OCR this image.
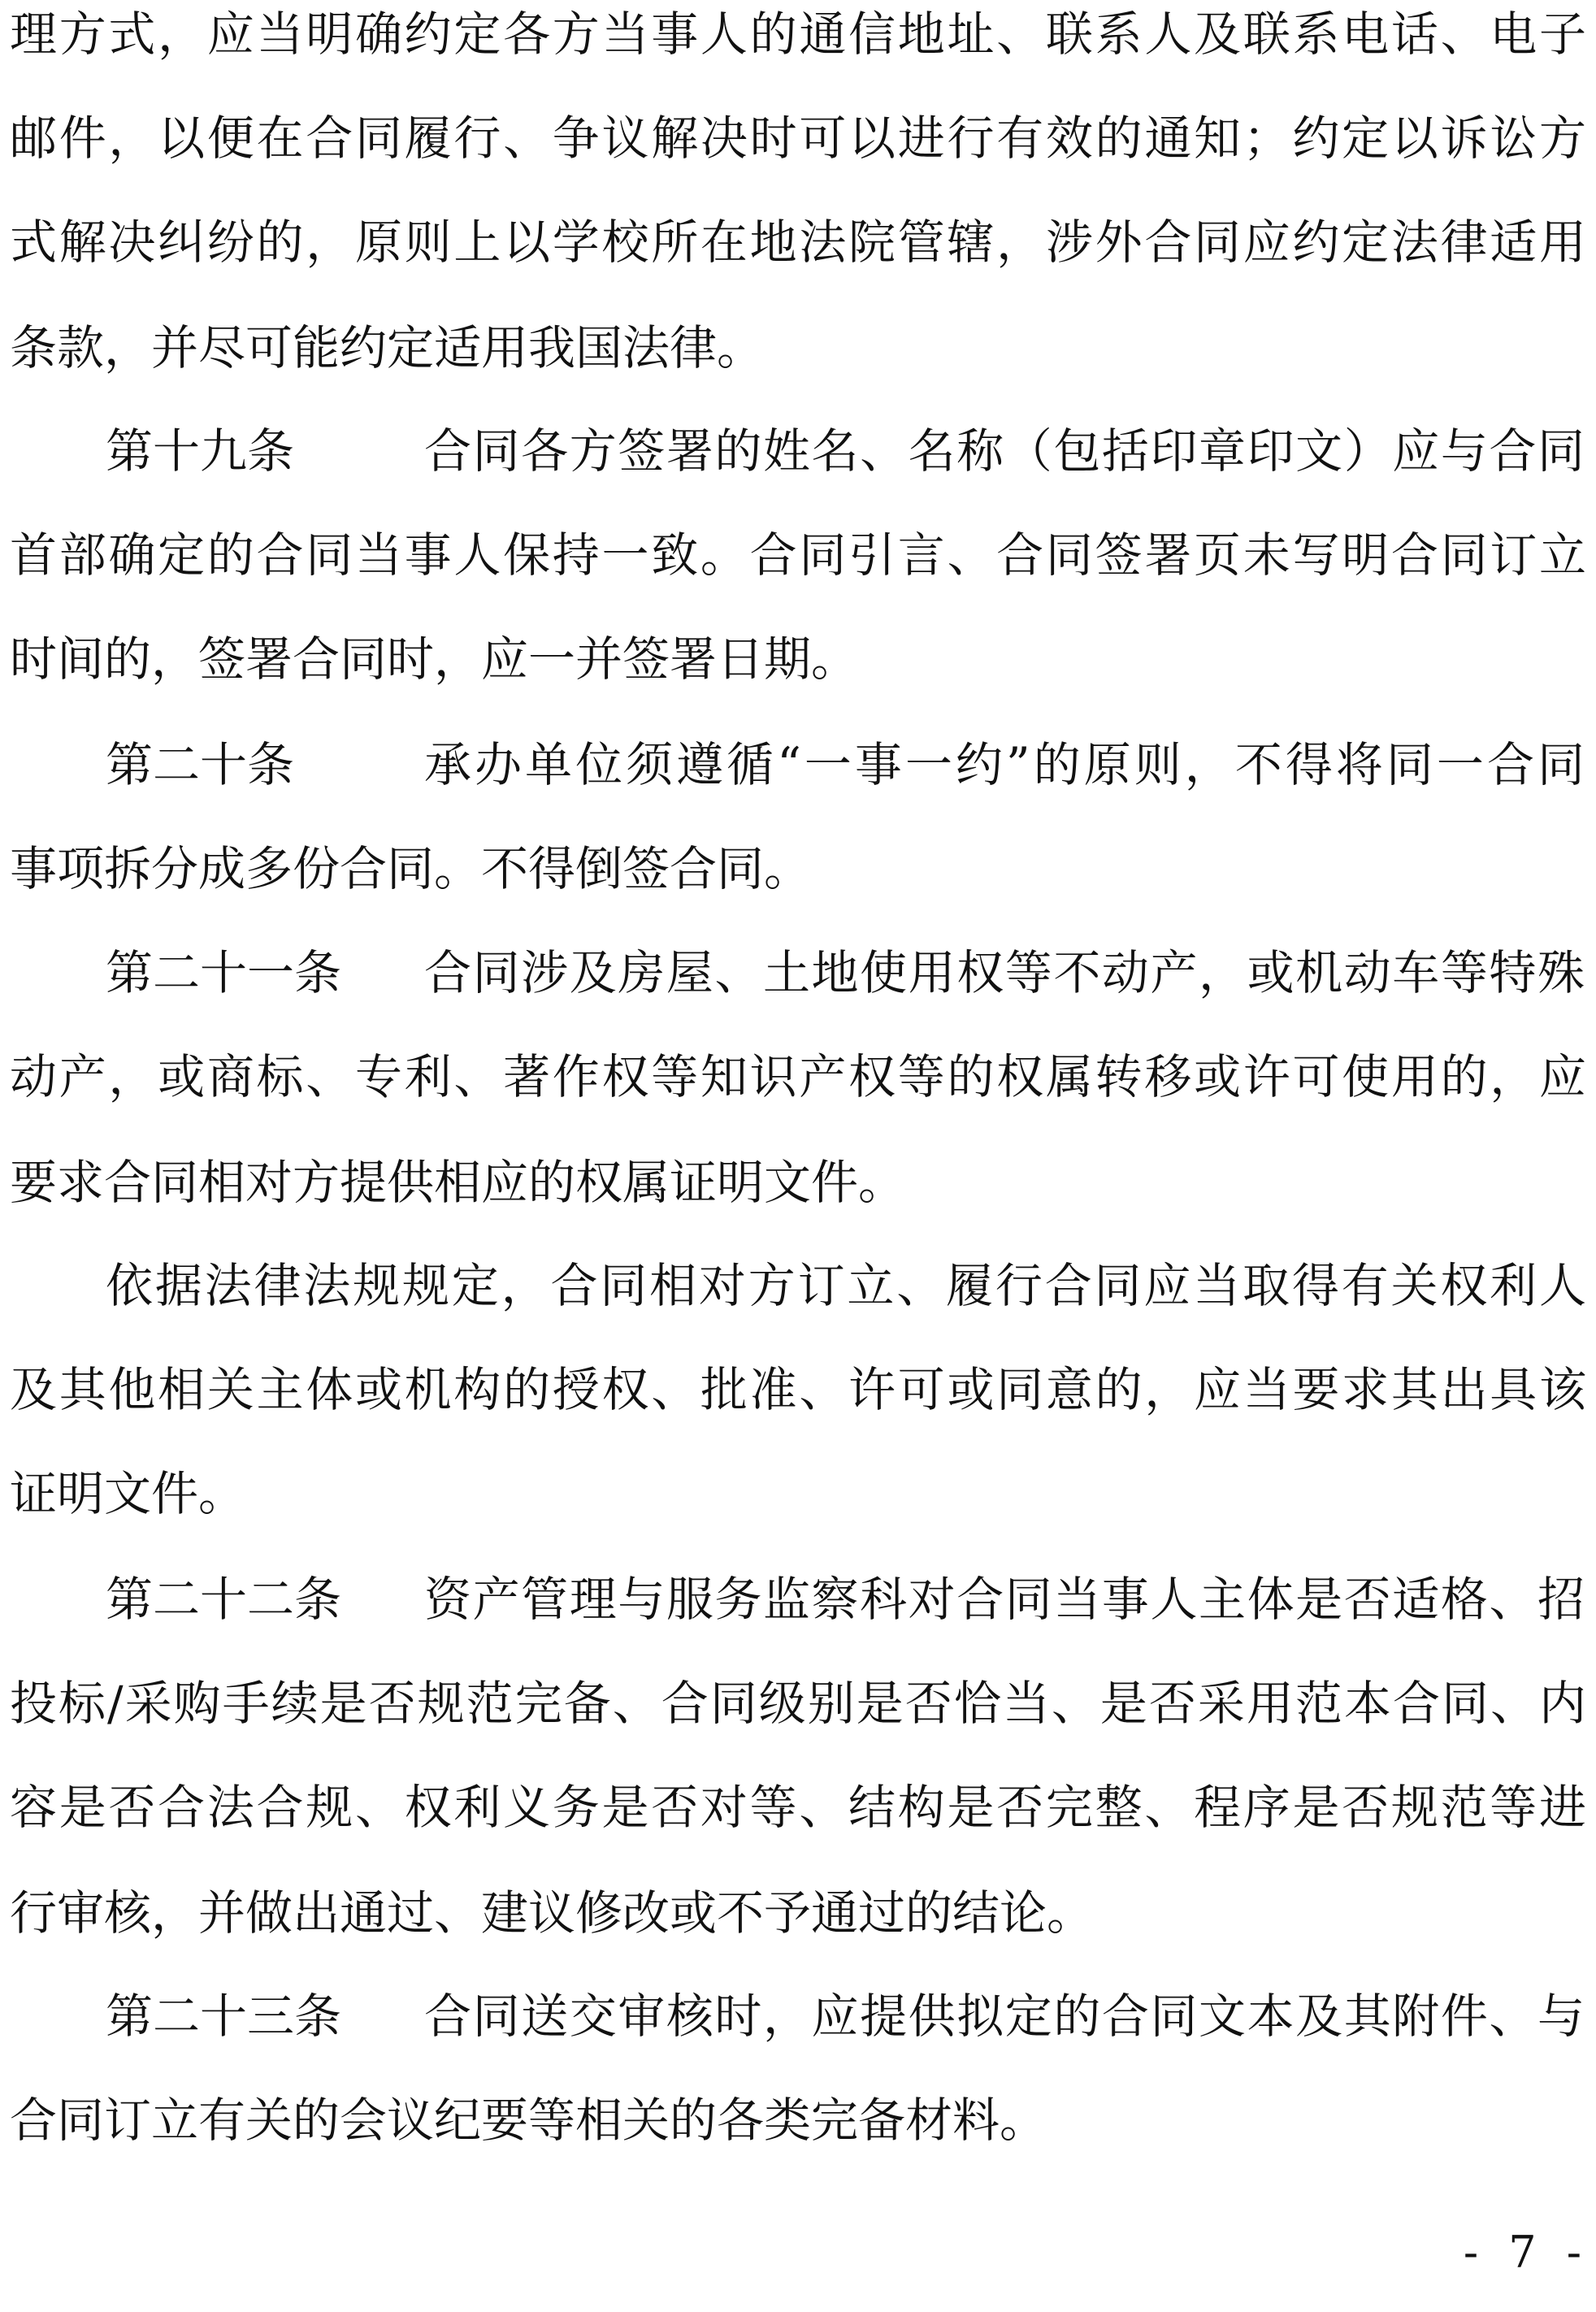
理方式，应当明确约定各方当事人的通信地址、联系人及联系电话、电子
邮件，以便在合同履行、争议解决时可以进行有效的通知；约定以诉讼方
式解决纠纷的，原则上以学校所在地法院管辖，涉外合同应约定法律适用
条款，并尽可能约定适用我国法律。
第十九条	合同各方签署的姓名、名称（包括印章印文）应与合同
首部确定的合同当事人保持一致。合同引言、合同签署页未写明合同订立
时间的，签署合同时，应一并签署日期。
第二十条	承办单位须遵循“一事一约”的原则，不得将同一合同
事项拆分成多份合同。不得倒签合同。
第二十一条 合同涉及房屋、土地使用权等不动产，或机动车等特殊
动产，或商标、专利、著作权等知识产权等的权属转移或许可使用的，应
要求合同相对方提供相应的权属证明文件。
依据法律法规规定，合同相对方订立、履行合同应当取得有关权利人
及其他相关主体或机构的授权、批准、许可或同意的，应当要求其出具该
证明文件。
第二十二条 资产管理与服务监察科对合同当事人主体是否适格、招
投标/采购手续是否规范完备、合同级别是否恰当、是否采用范本合同、内
容是否合法合规、权利义务是否对等、结构是否完整、程序是否规范等进
行审核，并做出通过、建议修改或不予通过的结论。
第二十三条 合同送交审核时，应提供拟定的合同文本及其附件、与
合同订立有关的会议纪要等相关的各类完备材料。
- 7 -
